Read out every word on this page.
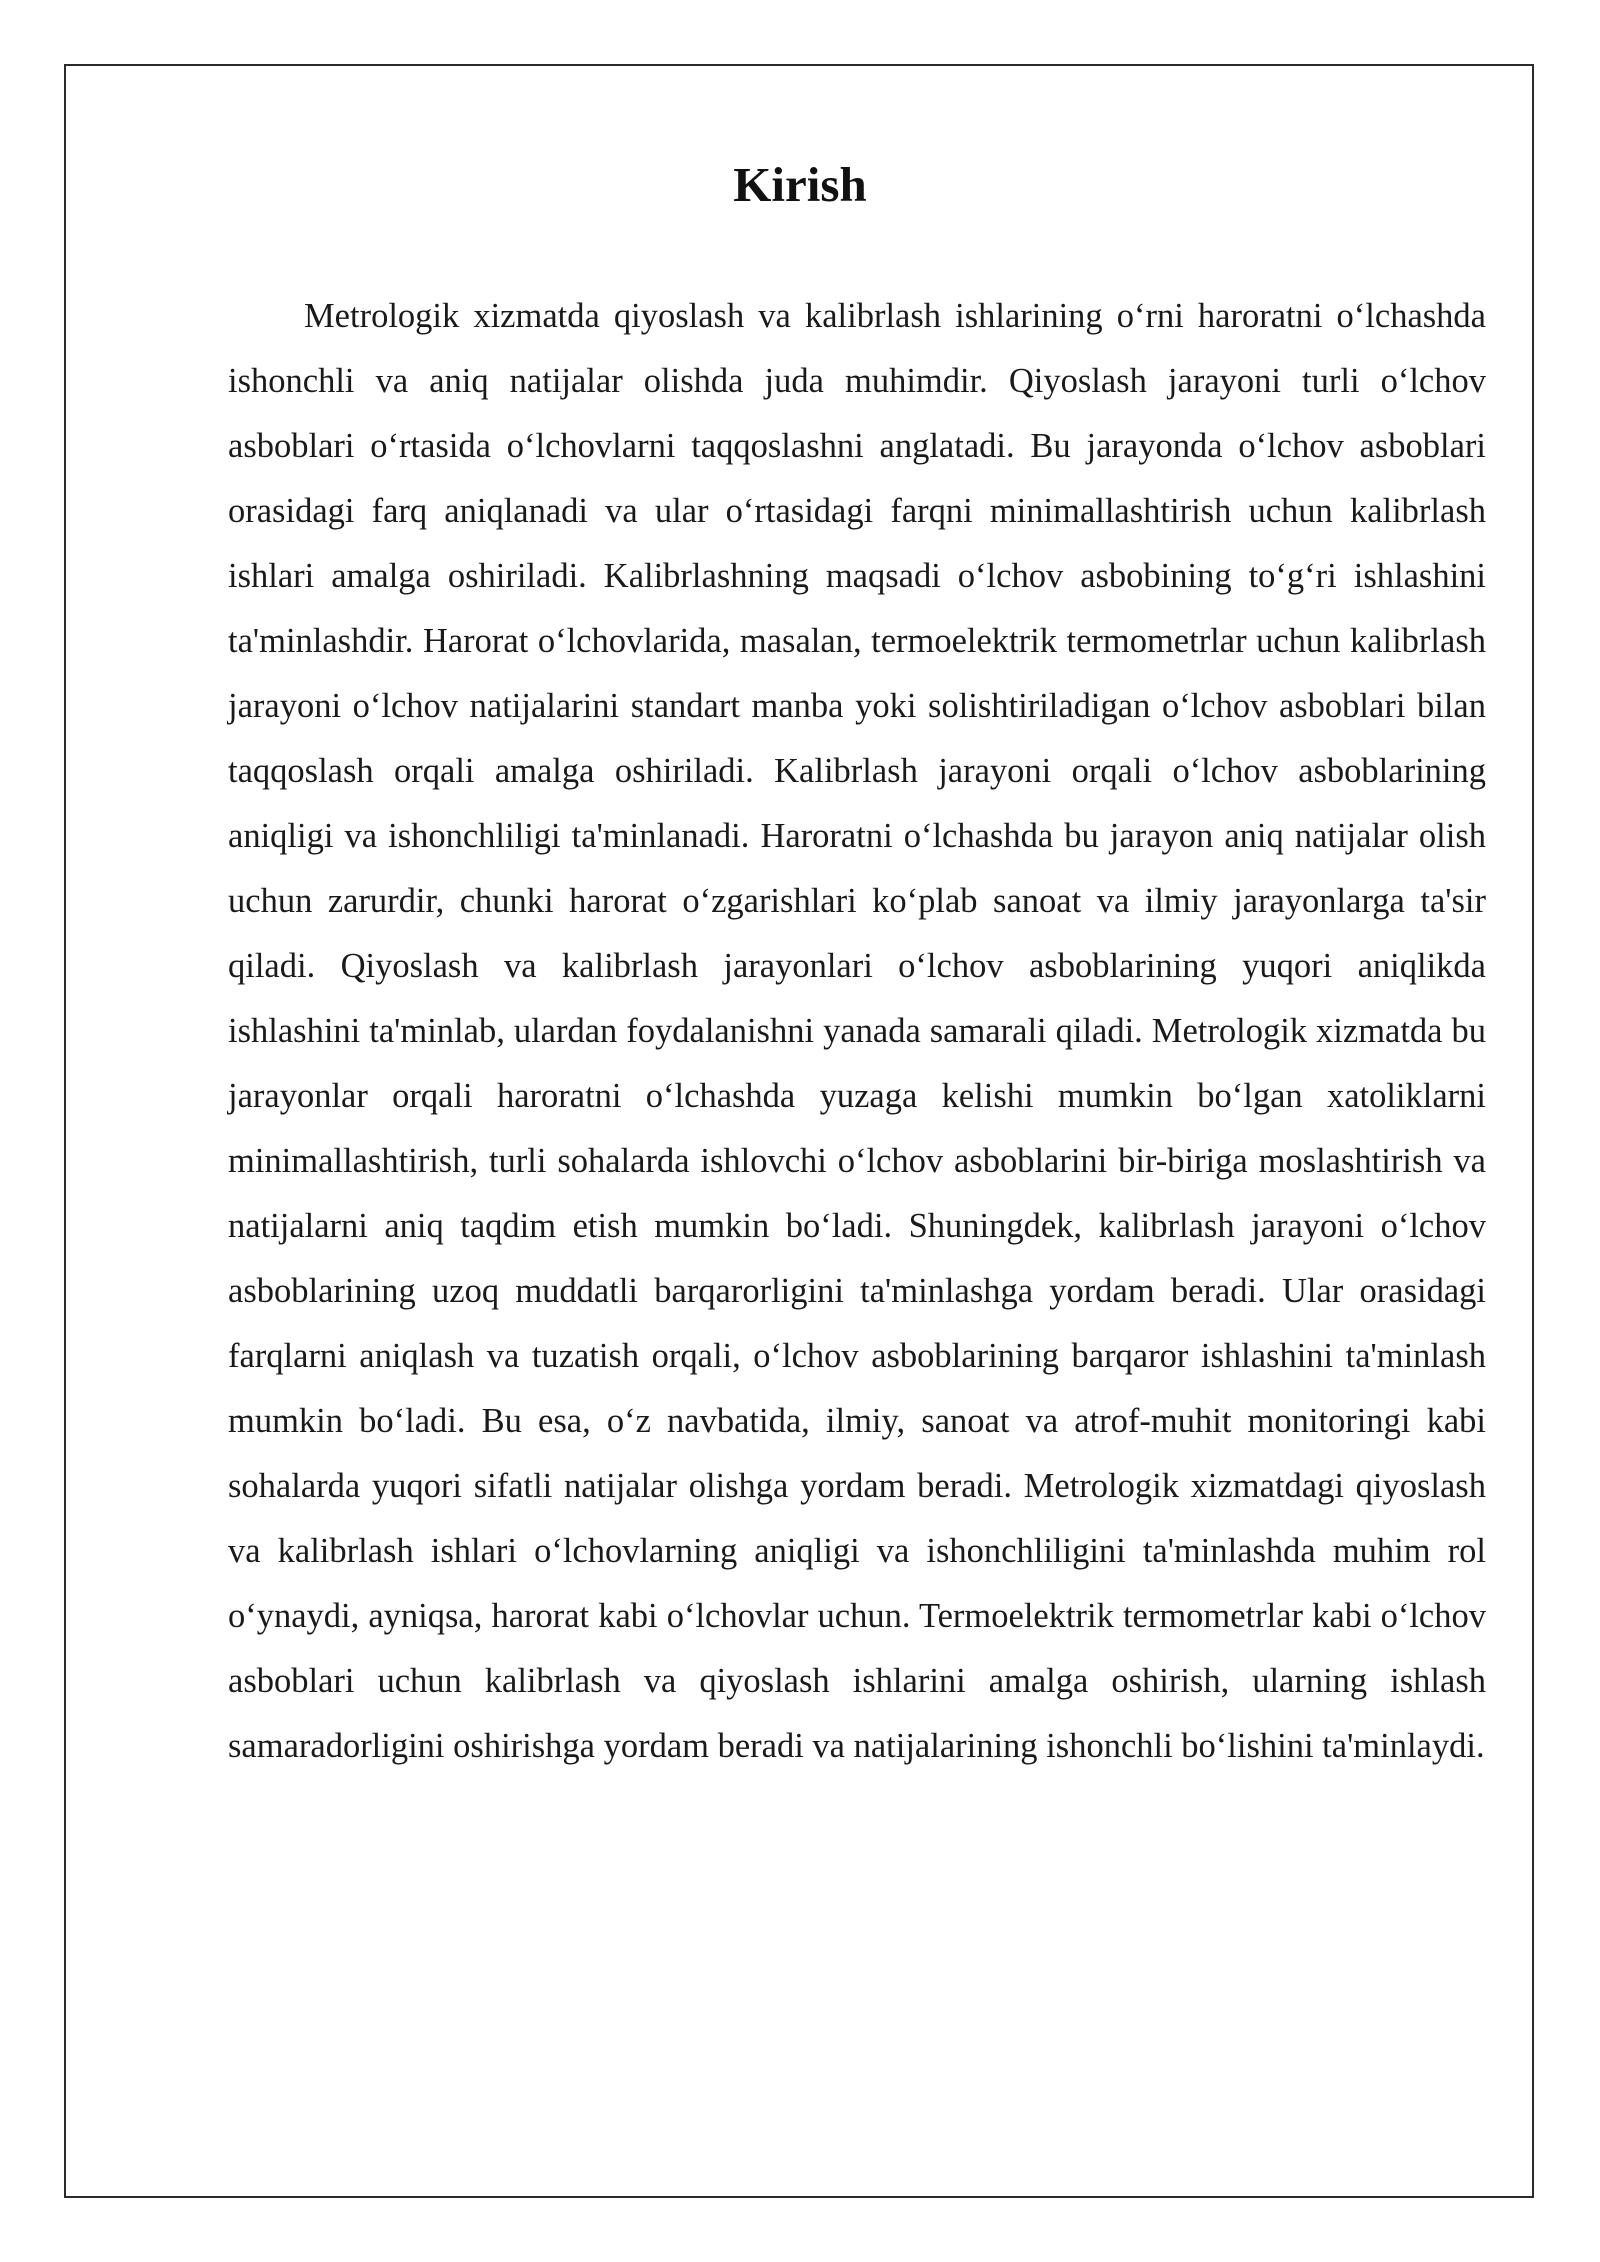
Kirish

Metrologik xizmatda qiyoslash va kalibrlash ishlarining oʻrni haroratni oʻlchashda ishonchli va aniq natijalar olishda juda muhimdir. Qiyoslash jarayoni turli oʻlchov asboblari oʻrtasida oʻlchovlarni taqqoslashni anglatadi. Bu jarayonda oʻlchov asboblari orasidagi farq aniqlanadi va ular oʻrtasidagi farqni minimallashtirish uchun kalibrlash ishlari amalga oshiriladi. Kalibrlashning maqsadi oʻlchov asbobining toʻgʻri ishlashini ta'minlashdir. Harorat oʻlchovlarida, masalan, termoelektrik termometrlar uchun kalibrlash jarayoni oʻlchov natijalarini standart manba yoki solishtiriladigan oʻlchov asboblari bilan taqqoslash orqali amalga oshiriladi. Kalibrlash jarayoni orqali oʻlchov asboblarining aniqligi va ishonchliligi ta'minlanadi. Haroratni oʻlchashda bu jarayon aniq natijalar olish uchun zarurdir, chunki harorat oʻzgarishlari koʻplab sanoat va ilmiy jarayonlarga ta'sir qiladi. Qiyoslash va kalibrlash jarayonlari oʻlchov asboblarining yuqori aniqlikda ishlashini ta'minlab, ulardan foydalanishni yanada samarali qiladi. Metrologik xizmatda bu jarayonlar orqali haroratni oʻlchashda yuzaga kelishi mumkin boʻlgan xatoliklarni minimallashtirish, turli sohalarda ishlovchi oʻlchov asboblarini bir-biriga moslashtirish va natijalarni aniq taqdim etish mumkin boʻladi. Shuningdek, kalibrlash jarayoni oʻlchov asboblarining uzoq muddatli barqarorligini ta'minlashga yordam beradi. Ular orasidagi farqlarni aniqlash va tuzatish orqali, oʻlchov asboblarining barqaror ishlashini ta'minlash mumkin boʻladi. Bu esa, oʻz navbatida, ilmiy, sanoat va atrof-muhit monitoringi kabi sohalarda yuqori sifatli natijalar olishga yordam beradi. Metrologik xizmatdagi qiyoslash va kalibrlash ishlari oʻlchovlarning aniqligi va ishonchliligini ta'minlashda muhim rol oʻynaydi, ayniqsa, harorat kabi oʻlchovlar uchun. Termoelektrik termometrlar kabi oʻlchov asboblari uchun kalibrlash va qiyoslash ishlarini amalga oshirish, ularning ishlash samaradorligini oshirishga yordam beradi va natijalarining ishonchli boʻlishini ta'minlaydi.
